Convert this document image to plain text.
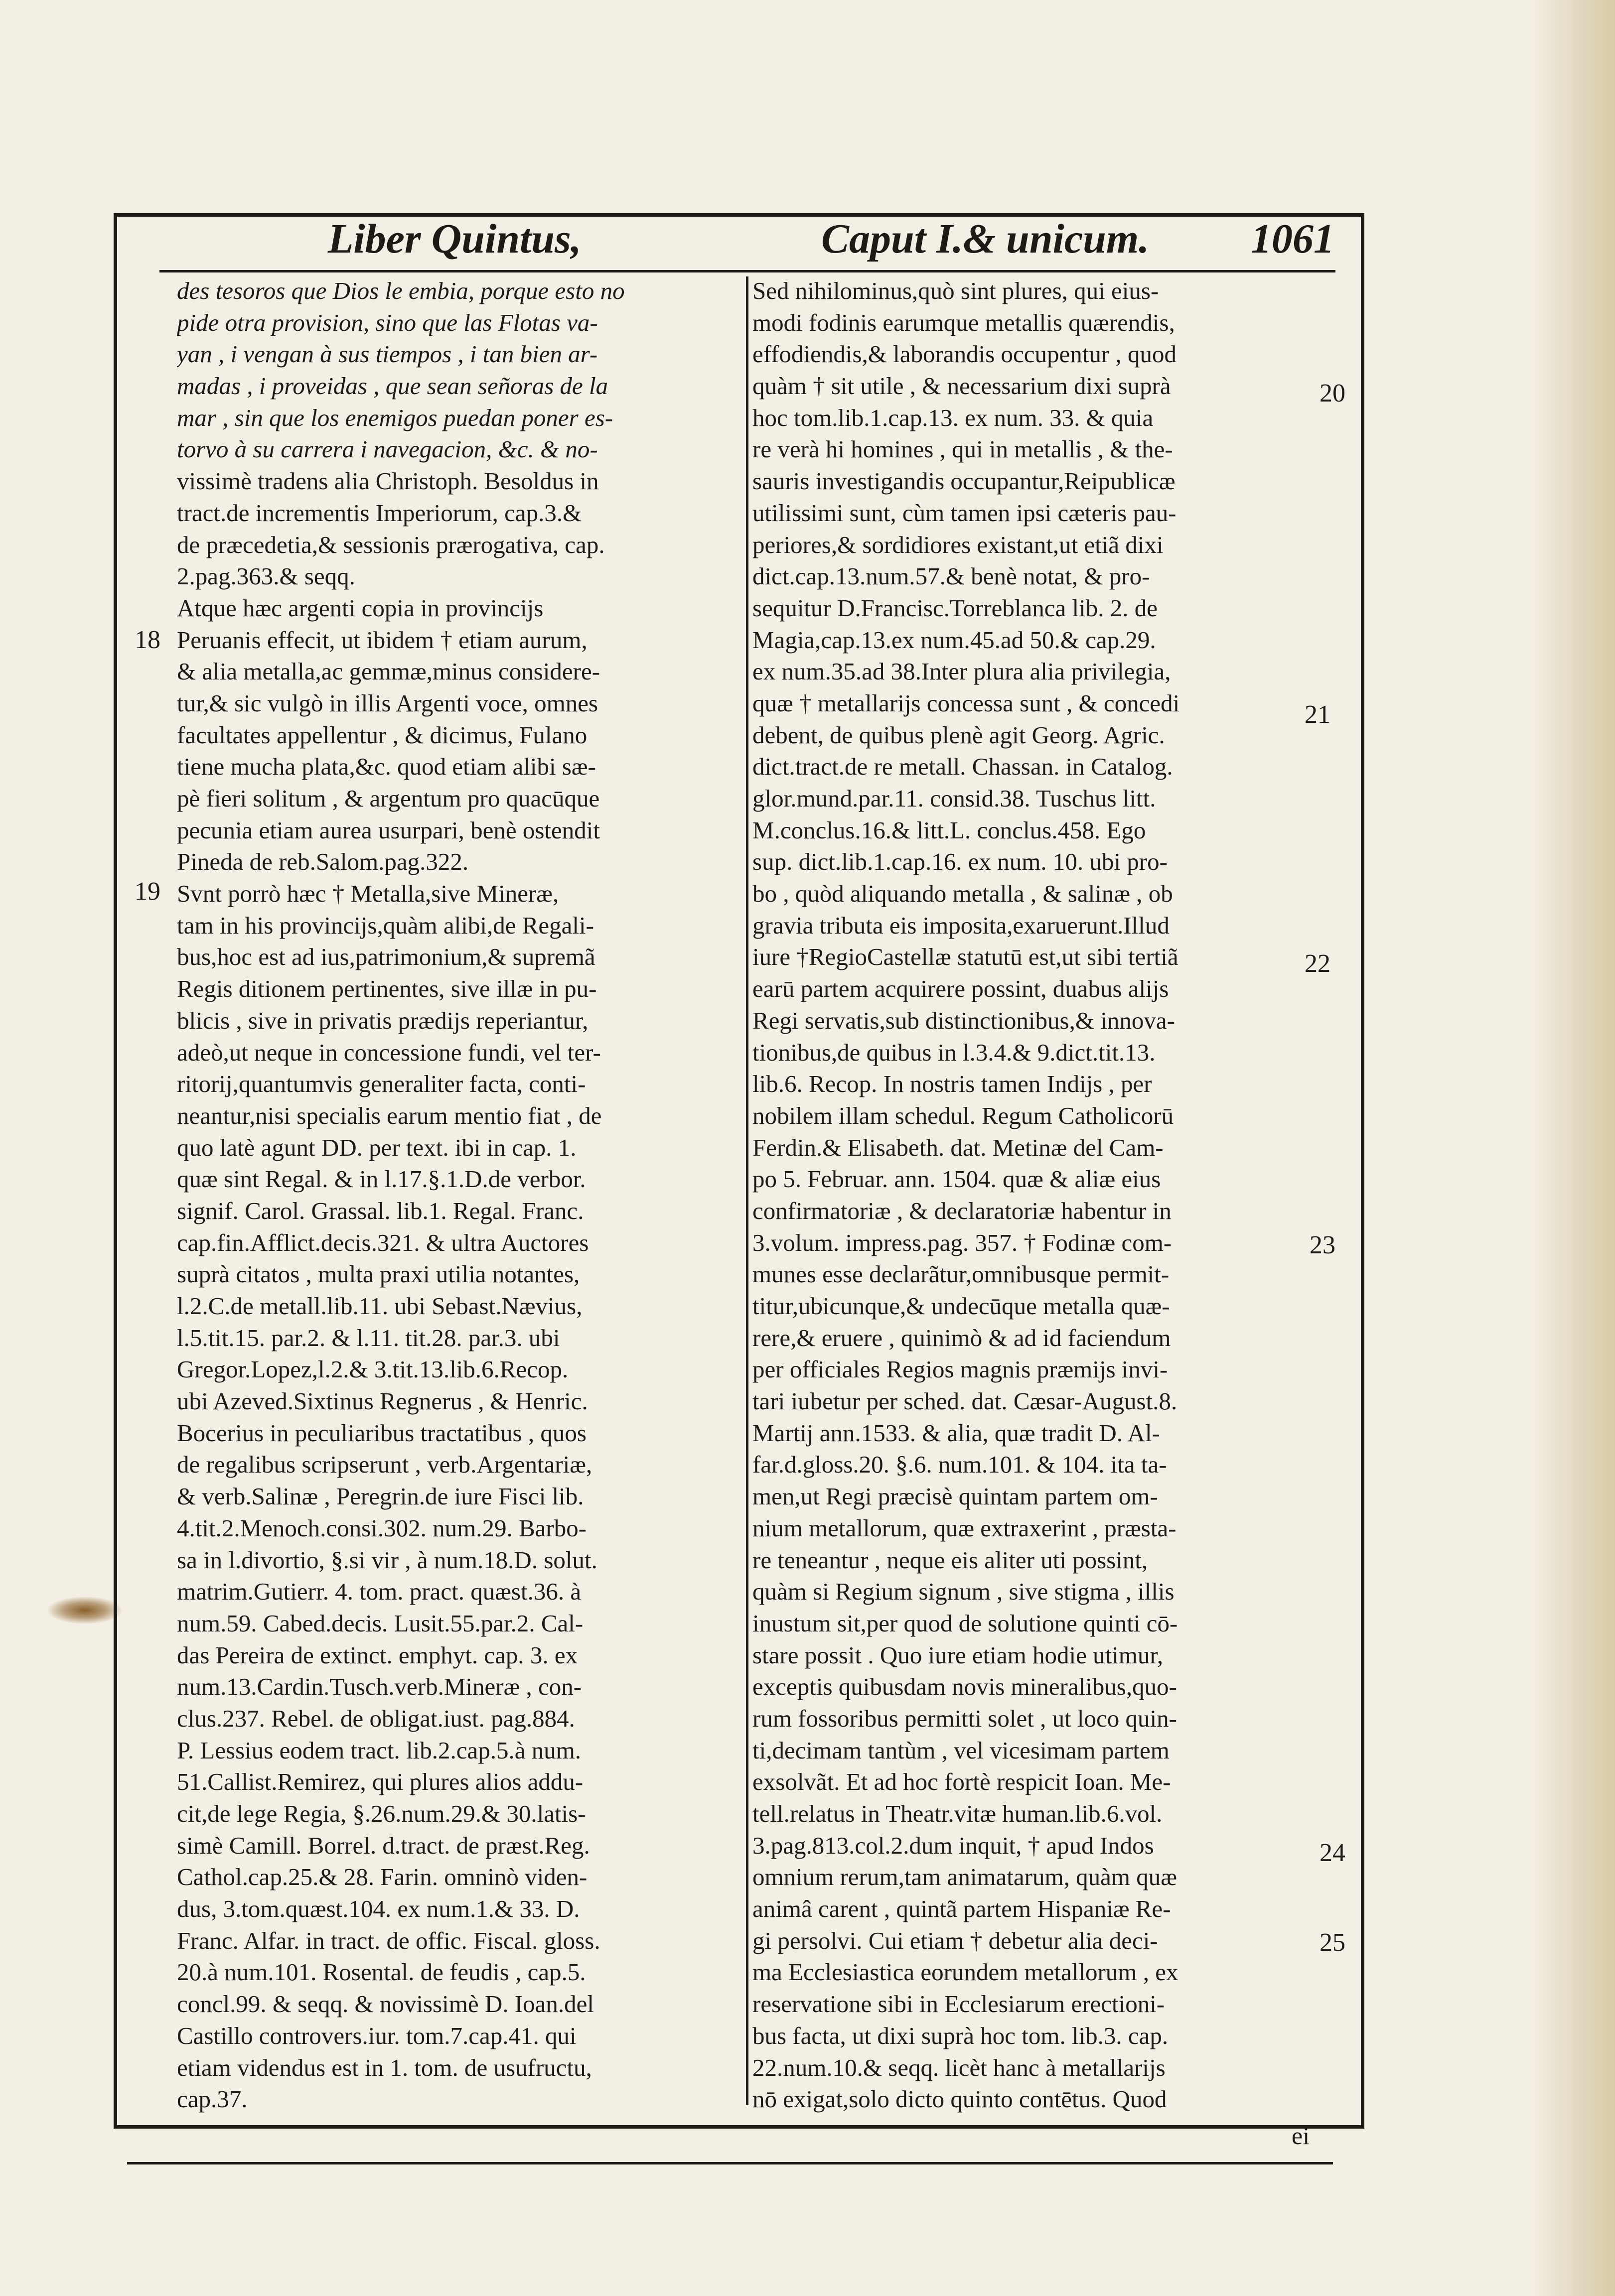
Liber Quintus,	Caput I.& unicum. 1061
des tesoros que Dios le embia, porque esto no
pide otra provision, sino que las Flotas va-
yan , i vengan à sus tiempos , i tan bien ar-
madas , i proveidas , que sean señoras de la
mar , sin que los enemigos puedan poner es-
torvo à su carrera i navegacion, &c. & no-
vissimè tradens alia Christoph. Besoldus in
tract.de incrementis Imperiorum, cap.3.&
de præcedetia,& sessionis prærogativa, cap.
2.pag.363.& seqq.
Atque hæc argenti copia in provincijs
Peruanis effecit, ut ibidem † etiam aurum,
& alia metalla,ac gemmæ,minus considere-
tur,& sic vulgò in illis Argenti voce, omnes
facultates appellentur , & dicimus, Fulano
tiene mucha plata,&c. quod etiam alibi sæ-
pè fieri solitum , & argentum pro quacūque
pecunia etiam aurea usurpari, benè ostendit
Pineda de reb.Salom.pag.322.
Svnt porrò hæc † Metalla,sive Mineræ,
tam in his provincijs,quàm alibi,de Regali-
bus,hoc est ad ius,patrimonium,& supremã
Regis ditionem pertinentes, sive illæ in pu-
blicis , sive in privatis prædijs reperiantur,
adeò,ut neque in concessione fundi, vel ter-
ritorij,quantumvis generaliter facta, conti-
neantur,nisi specialis earum mentio fiat , de
quo latè agunt DD. per text. ibi in cap. 1.
quæ sint Regal. & in l.17.§.1.D.de verbor.
signif. Carol. Grassal. lib.1. Regal. Franc.
cap.fin.Afflict.decis.321. & ultra Auctores
suprà citatos , multa praxi utilia notantes,
l.2.C.de metall.lib.11. ubi Sebast.Nævius,
l.5.tit.15. par.2. & l.11. tit.28. par.3. ubi
Gregor.Lopez,l.2.& 3.tit.13.lib.6.Recop.
ubi Azeved.Sixtinus Regnerus , & Henric.
Bocerius in peculiaribus tractatibus , quos
de regalibus scripserunt , verb.Argentariæ,
& verb.Salinæ , Peregrin.de iure Fisci lib.
4.tit.2.Menoch.consi.302. num.29. Barbo-
sa in l.divortio, §.si vir , à num.18.D. solut.
matrim.Gutierr. 4. tom. pract. quæst.36. à
num.59. Cabed.decis. Lusit.55.par.2. Cal-
das Pereira de extinct. emphyt. cap. 3. ex
num.13.Cardin.Tusch.verb.Mineræ , con-
clus.237. Rebel. de obligat.iust. pag.884.
P. Lessius eodem tract. lib.2.cap.5.à num.
51.Callist.Remirez, qui plures alios addu-
cit,de lege Regia, §.26.num.29.& 30.latis-
simè Camill. Borrel. d.tract. de præst.Reg.
Cathol.cap.25.& 28. Farin. omninò viden-
dus, 3.tom.quæst.104. ex num.1.& 33. D.
Franc. Alfar. in tract. de offic. Fiscal. gloss.
20.à num.101. Rosental. de feudis , cap.5.
concl.99. & seqq. & novissimè D. Ioan.del
Castillo controvers.iur. tom.7.cap.41. qui
etiam videndus est in 1. tom. de usufructu,
cap.37.
Sed nihilominus,quò sint plures, qui eius-
modi fodinis earumque metallis quærendis,
effodiendis,& laborandis occupentur , quod
quàm † sit utile , & necessarium dixi suprà
hoc tom.lib.1.cap.13. ex num. 33. & quia
re verà hi homines , qui in metallis , & the-
sauris investigandis occupantur,Reipublicæ
utilissimi sunt, cùm tamen ipsi cæteris pau-
periores,& sordidiores existant,ut etiã dixi
dict.cap.13.num.57.& benè notat, & pro-
sequitur D.Francisc.Torreblanca lib. 2. de
Magia,cap.13.ex num.45.ad 50.& cap.29.
ex num.35.ad 38.Inter plura alia privilegia,
quæ † metallarijs concessa sunt , & concedi
debent, de quibus plenè agit Georg. Agric.
dict.tract.de re metall. Chassan. in Catalog.
glor.mund.par.11. consid.38. Tuschus litt.
M.conclus.16.& litt.L. conclus.458. Ego
sup. dict.lib.1.cap.16. ex num. 10. ubi pro-
bo , quòd aliquando metalla , & salinæ , ob
gravia tributa eis imposita,exaruerunt.Illud
iure †RegioCastellæ statutū est,ut sibi tertiã
earū partem acquirere possint, duabus alijs
Regi servatis,sub distinctionibus,& innova-
tionibus,de quibus in l.3.4.& 9.dict.tit.13.
lib.6. Recop. In nostris tamen Indijs , per
nobilem illam schedul. Regum Catholicorū
Ferdin.& Elisabeth. dat. Metinæ del Cam-
po 5. Februar. ann. 1504. quæ & aliæ eius
confirmatoriæ , & declaratoriæ habentur in
3.volum. impress.pag. 357. † Fodinæ com-
munes esse declarãtur,omnibusque permit-
titur,ubicunque,& undecūque metalla quæ-
rere,& eruere , quinimò & ad id faciendum
per officiales Regios magnis præmijs invi-
tari iubetur per sched. dat. Cæsar-August.8.
Martij ann.1533. & alia, quæ tradit D. Al-
far.d.gloss.20. §.6. num.101. & 104. ita ta-
men,ut Regi præcisè quintam partem om-
nium metallorum, quæ extraxerint , præsta-
re teneantur , neque eis aliter uti possint,
quàm si Regium signum , sive stigma , illis
inustum sit,per quod de solutione quinti cō-
stare possit . Quo iure etiam hodie utimur,
exceptis quibusdam novis mineralibus,quo-
rum fossoribus permitti solet , ut loco quin-
ti,decimam tantùm , vel vicesimam partem
exsolvãt. Et ad hoc fortè respicit Ioan. Me-
tell.relatus in Theatr.vitæ human.lib.6.vol.
3.pag.813.col.2.dum inquit, † apud Indos
omnium rerum,tam animatarum, quàm quæ
animâ carent , quintã partem Hispaniæ Re-
gi persolvi. Cui etiam † debetur alia deci-
ma Ecclesiastica eorundem metallorum , ex
reservatione sibi in Ecclesiarum erectioni-
bus facta, ut dixi suprà hoc tom. lib.3. cap.
22.num.10.& seqq. licèt hanc à metallarijs
nō exigat,solo dicto quinto contētus. Quod
18
19
20
21
22
23
24
25
ei
